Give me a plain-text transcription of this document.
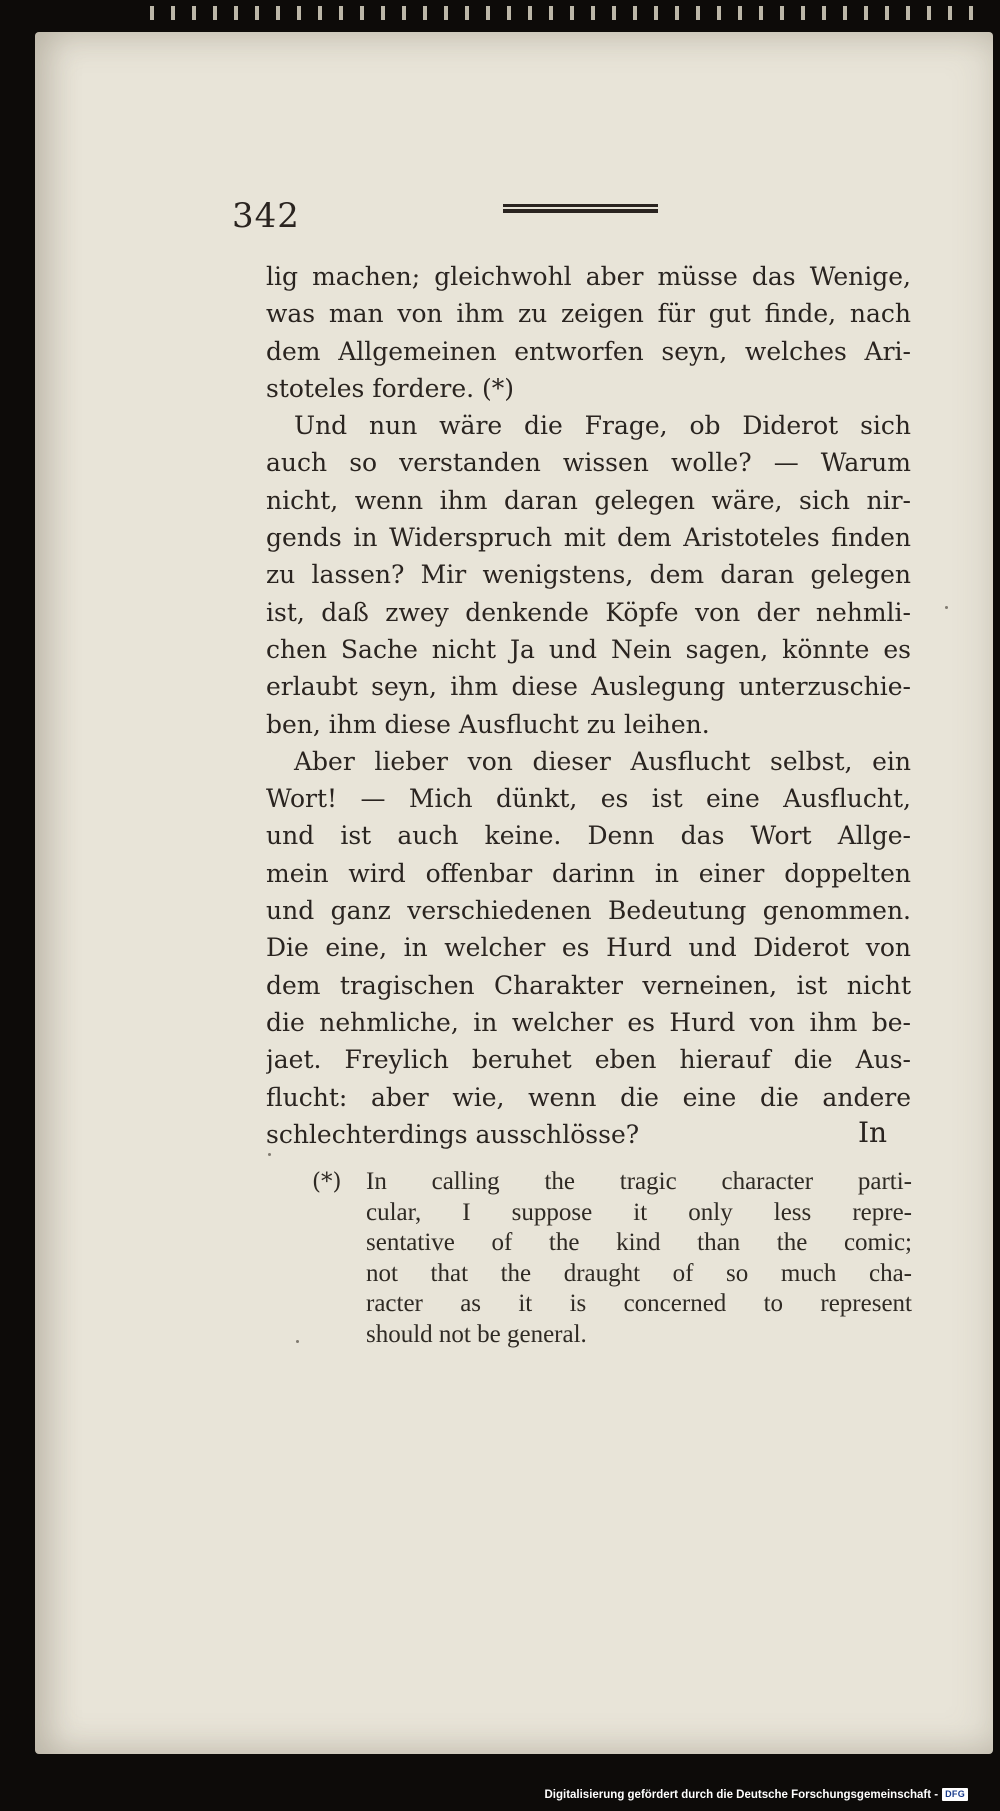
342
lig machen; gleichwohl aber müsse das Wenige,
was man von ihm zu zeigen für gut finde, nach
dem Allgemeinen entworfen seyn, welches Ari-
stoteles fordere. (*)
Und nun wäre die Frage, ob Diderot sich
auch so verstanden wissen wolle? — Warum
nicht, wenn ihm daran gelegen wäre, sich nir-
gends in Widerspruch mit dem Aristoteles finden
zu lassen? Mir wenigstens, dem daran gelegen
ist, daß zwey denkende Köpfe von der nehmli-
chen Sache nicht Ja und Nein sagen, könnte es
erlaubt seyn, ihm diese Auslegung unterzuschie-
ben, ihm diese Ausflucht zu leihen.
Aber lieber von dieser Ausflucht selbst, ein
Wort! — Mich dünkt, es ist eine Ausflucht,
und ist auch keine. Denn das Wort Allge-
mein wird offenbar darinn in einer doppelten
und ganz verschiedenen Bedeutung genommen.
Die eine, in welcher es Hurd und Diderot von
dem tragischen Charakter verneinen, ist nicht
die nehmliche, in welcher es Hurd von ihm be-
jaet. Freylich beruhet eben hierauf die Aus-
flucht: aber wie, wenn die eine die andere
schlechterdings ausschlösse?	In
(*) In calling the tragic character parti-
cular, I suppose it only less repre-
sentative of the kind than the comic;
not that the draught of so much cha-
racter as it is concerned to represent
should not be general.
Digitalisierung gefördert durch die Deutsche Forschungsgemeinschaft - DFG
